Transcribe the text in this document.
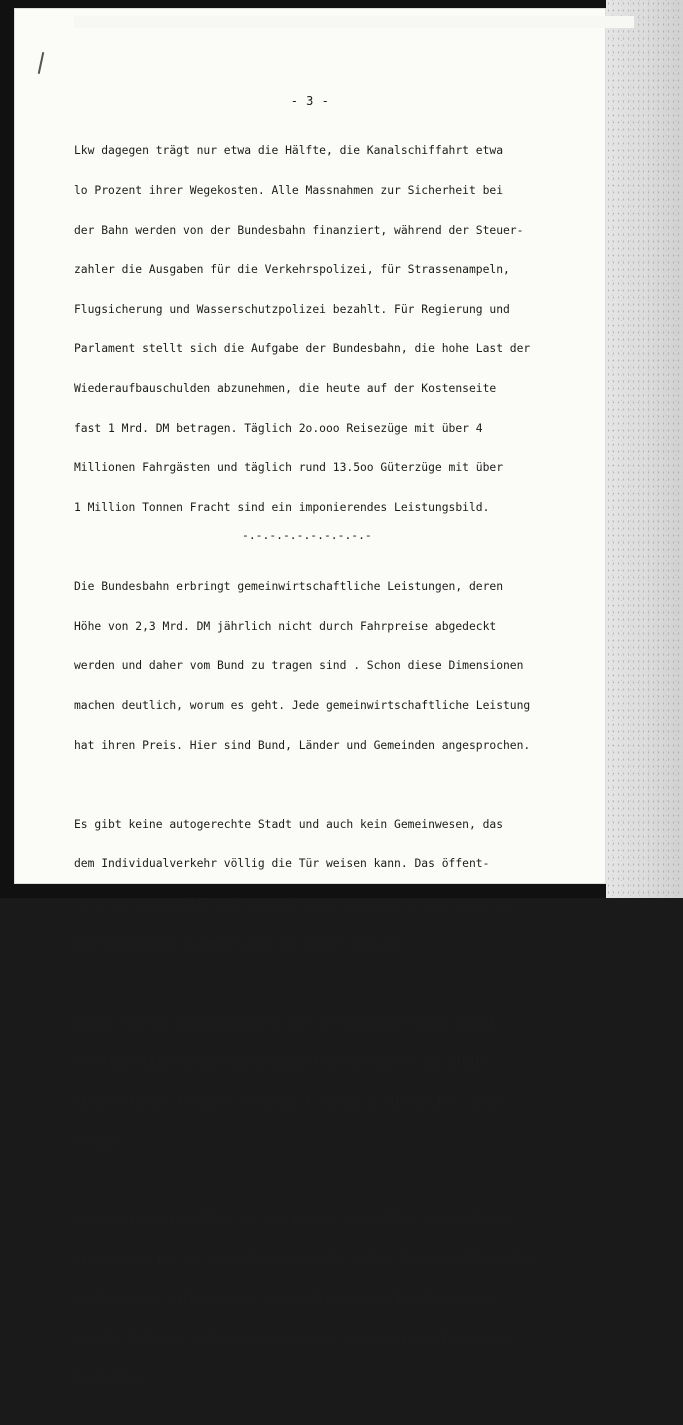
- 3 -

Lkw dagegen trägt nur etwa die Hälfte, die Kanalschiffahrt etwa

lo Prozent ihrer Wegekosten. Alle Massnahmen zur Sicherheit bei

der Bahn werden von der Bundesbahn finanziert, während der Steuer-

zahler die Ausgaben für die Verkehrspolizei, für Strassenampeln,

Flugsicherung und Wasserschutzpolizei bezahlt. Für Regierung und

Parlament stellt sich die Aufgabe der Bundesbahn, die hohe Last der

Wiederaufbauschulden abzunehmen, die heute auf der Kostenseite

fast 1 Mrd. DM betragen. Täglich 2o.ooo Reisezüge mit über 4

Millionen Fahrgästen und täglich rund 13.5oo Güterzüge mit über

1 Million Tonnen Fracht sind ein imponierendes Leistungsbild.

Die Bundesbahn erbringt gemeinwirtschaftliche Leistungen, deren

Höhe von 2,3 Mrd. DM jährlich nicht durch Fahrpreise abgedeckt

werden und daher vom Bund zu tragen sind . Schon diese Dimensionen

machen deutlich, worum es geht. Jede gemeinwirtschaftliche Leistung

hat ihren Preis. Hier sind Bund, Länder und Gemeinden angesprochen.

Es gibt keine autogerechte Stadt und auch kein Gemeinwesen, das

dem Individualverkehr völlig die Tür weisen kann. Das öffent-

liche Verkehrsmittel aber braucht jenen Vorrang, um den Gemeinden

und Städten das zu geben, was der Bürger braucht.

Vieles hat die Bundesregierung auch in diesem wichtigen gesell-

schaftspolitischen Bereich angepackt und geleistet. Es bleibt

eine Fülle von Aufgaben, um unser Programm in diesem Jahr zu er-

füllen.

Voraussetzung für alles ist der Friede. Wir wollen ihn erhalten,

sichern und ihm ein menschliches Gesicht geben. Die sozial-liberale

Koalition hat sich bewährt. Wir werden den Weg der Entspannung

und der Reformen im Bewusstsein unserer Verantwortung konsequent

fortsetzen.

-.-.-.-.-.-.-.-.-.-
